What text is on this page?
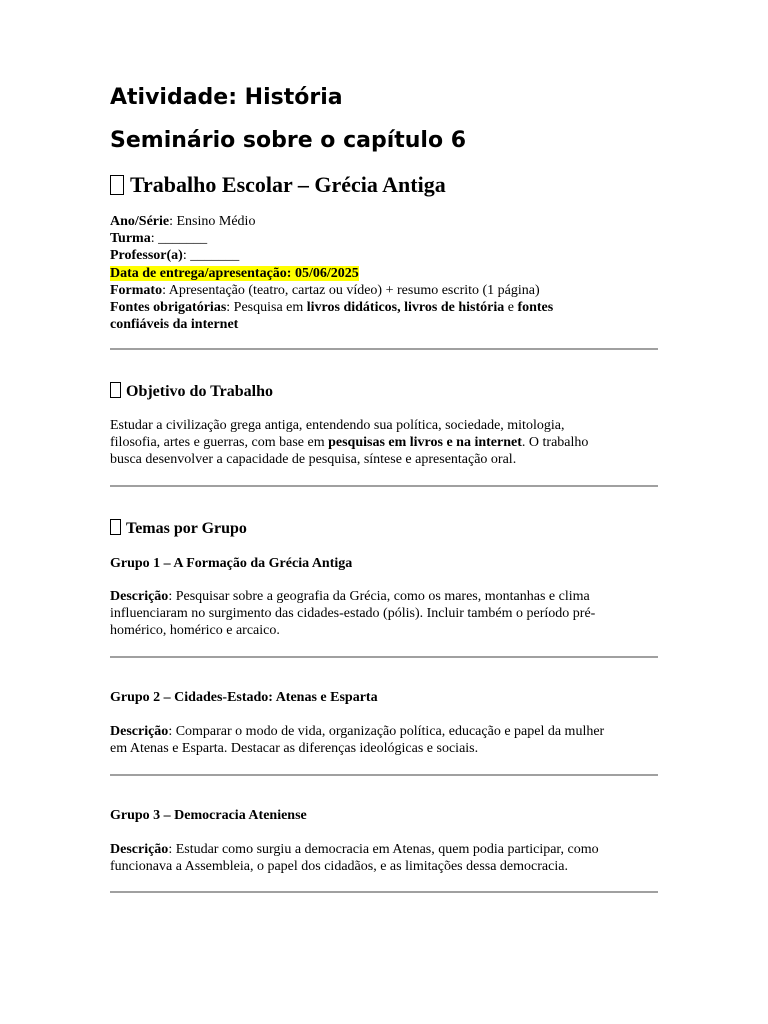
Atividade: História
Seminário sobre o capítulo 6
Trabalho Escolar – Grécia Antiga
Ano/Série: Ensino Médio
Turma: _______
Professor(a): _______
Data de entrega/apresentação: 05/06/2025
Formato: Apresentação (teatro, cartaz ou vídeo) + resumo escrito (1 página)
Fontes obrigatórias: Pesquisa em livros didáticos, livros de história e fontes
confiáveis da internet
Objetivo do Trabalho
Estudar a civilização grega antiga, entendendo sua política, sociedade, mitologia,
filosofia, artes e guerras, com base em pesquisas em livros e na internet. O trabalho
busca desenvolver a capacidade de pesquisa, síntese e apresentação oral.
Temas por Grupo
Grupo 1 – A Formação da Grécia Antiga
Descrição: Pesquisar sobre a geografia da Grécia, como os mares, montanhas e clima
influenciaram no surgimento das cidades-estado (pólis). Incluir também o período pré-
homérico, homérico e arcaico.
Grupo 2 – Cidades-Estado: Atenas e Esparta
Descrição: Comparar o modo de vida, organização política, educação e papel da mulher
em Atenas e Esparta. Destacar as diferenças ideológicas e sociais.
Grupo 3 – Democracia Ateniense
Descrição: Estudar como surgiu a democracia em Atenas, quem podia participar, como
funcionava a Assembleia, o papel dos cidadãos, e as limitações dessa democracia.
